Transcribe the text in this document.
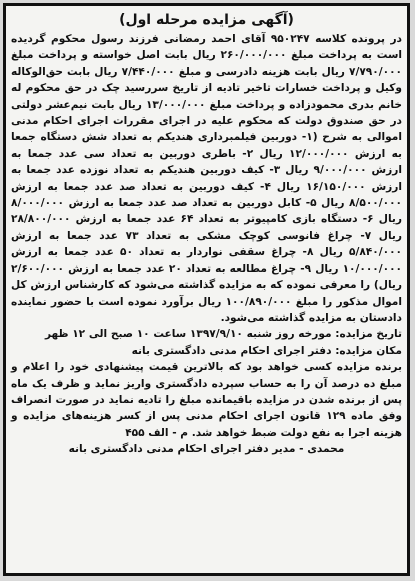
(آگهی مزایده مرحله اول)

در پرونده کلاسه ۹۵۰۲۴۷ آقای احمد رمضانی فرزند رسول محکوم گردیده است به پرداخت مبلغ ۲۶۰/۰۰۰/۰۰۰ ریال بابت اصل خواسته و پرداخت مبلغ ۷/۷۹۰/۰۰۰ ریال بابت هزینه دادرسی و مبلغ ۷/۴۴۰/۰۰۰ ریال بابت حق‌الوکاله وکیل و پرداخت خسارات تاخیر تادیه از تاریخ سررسید چک در حق محکوم له خانم بدری محمودزاده و پرداخت مبلغ ۱۳/۰۰۰/۰۰۰ ریال بابت نیم‌عشر دولتی در حق صندوق دولت که محکوم علیه در اجرای مقررات اجرای احکام مدنی اموالی به شرح (۱- دوربین فیلمبرداری هندیکم به تعداد شش دستگاه جمعا به ارزش ۱۲/۰۰۰/۰۰۰ ریال ۲- باطری دوربین به تعداد سی عدد جمعا به ارزش ۹/۰۰۰/۰۰۰ ریال ۳- کیف دوربین هندیکم به تعداد نوزده عدد جمعا به ارزش ۱۶/۱۵۰/۰۰۰ ریال ۴- کیف دوربین به تعداد صد عدد جمعا به ارزش ۸/۵۰۰/۰۰۰ ریال ۵- کابل دوربین به تعداد صد عدد جمعا به ارزش ۸/۰۰۰/۰۰۰ ریال ۶- دستگاه بازی کامپیوتر به تعداد ۶۴ عدد جمعا به ارزش ۲۸/۸۰۰/۰۰۰ ریال ۷- چراغ فانوسی کوچک مشکی به تعداد ۷۳ عدد جمعا به ارزش ۵/۸۴۰/۰۰۰ ریال ۸- چراغ سقفی نواردار به تعداد ۵۰ عدد جمعا به ارزش ۱۰/۰۰۰/۰۰۰ ریال ۹- چراغ مطالعه به تعداد ۲۰ عدد جمعا به ارزش ۲/۶۰۰/۰۰۰ ریال) را معرفی نموده که به مزایده گذاشته می‌شود که کارشناس ارزش کل اموال مذکور را مبلغ ۱۰۰/۸۹۰/۰۰۰ ریال برآورد نموده است با حضور نماینده دادستان به مزایده گذاشته می‌شود.

تاریخ مزایده: مورخه روز شنبه ۱۳۹۷/۹/۱۰ ساعت ۱۰ صبح الی ۱۲ ظهر

مکان مزایده: دفتر اجرای احکام مدنی دادگستری بانه

برنده مزایده کسی خواهد بود که بالاترین قیمت پیشنهادی خود را اعلام و مبلغ ده درصد آن را به حساب سپرده دادگستری واریز نماید و ظرف یک ماه پس از برنده شدن در مزایده باقیمانده مبلغ را تادیه نماید در صورت انصراف وفق ماده ۱۲۹ قانون اجرای احکام مدنی پس از کسر هزینه‌های مزایده و هزینه اجرا به نفع دولت ضبط خواهد شد. م - الف ۴۵۵

محمدی - مدیر دفتر اجرای احکام مدنی دادگستری بانه
